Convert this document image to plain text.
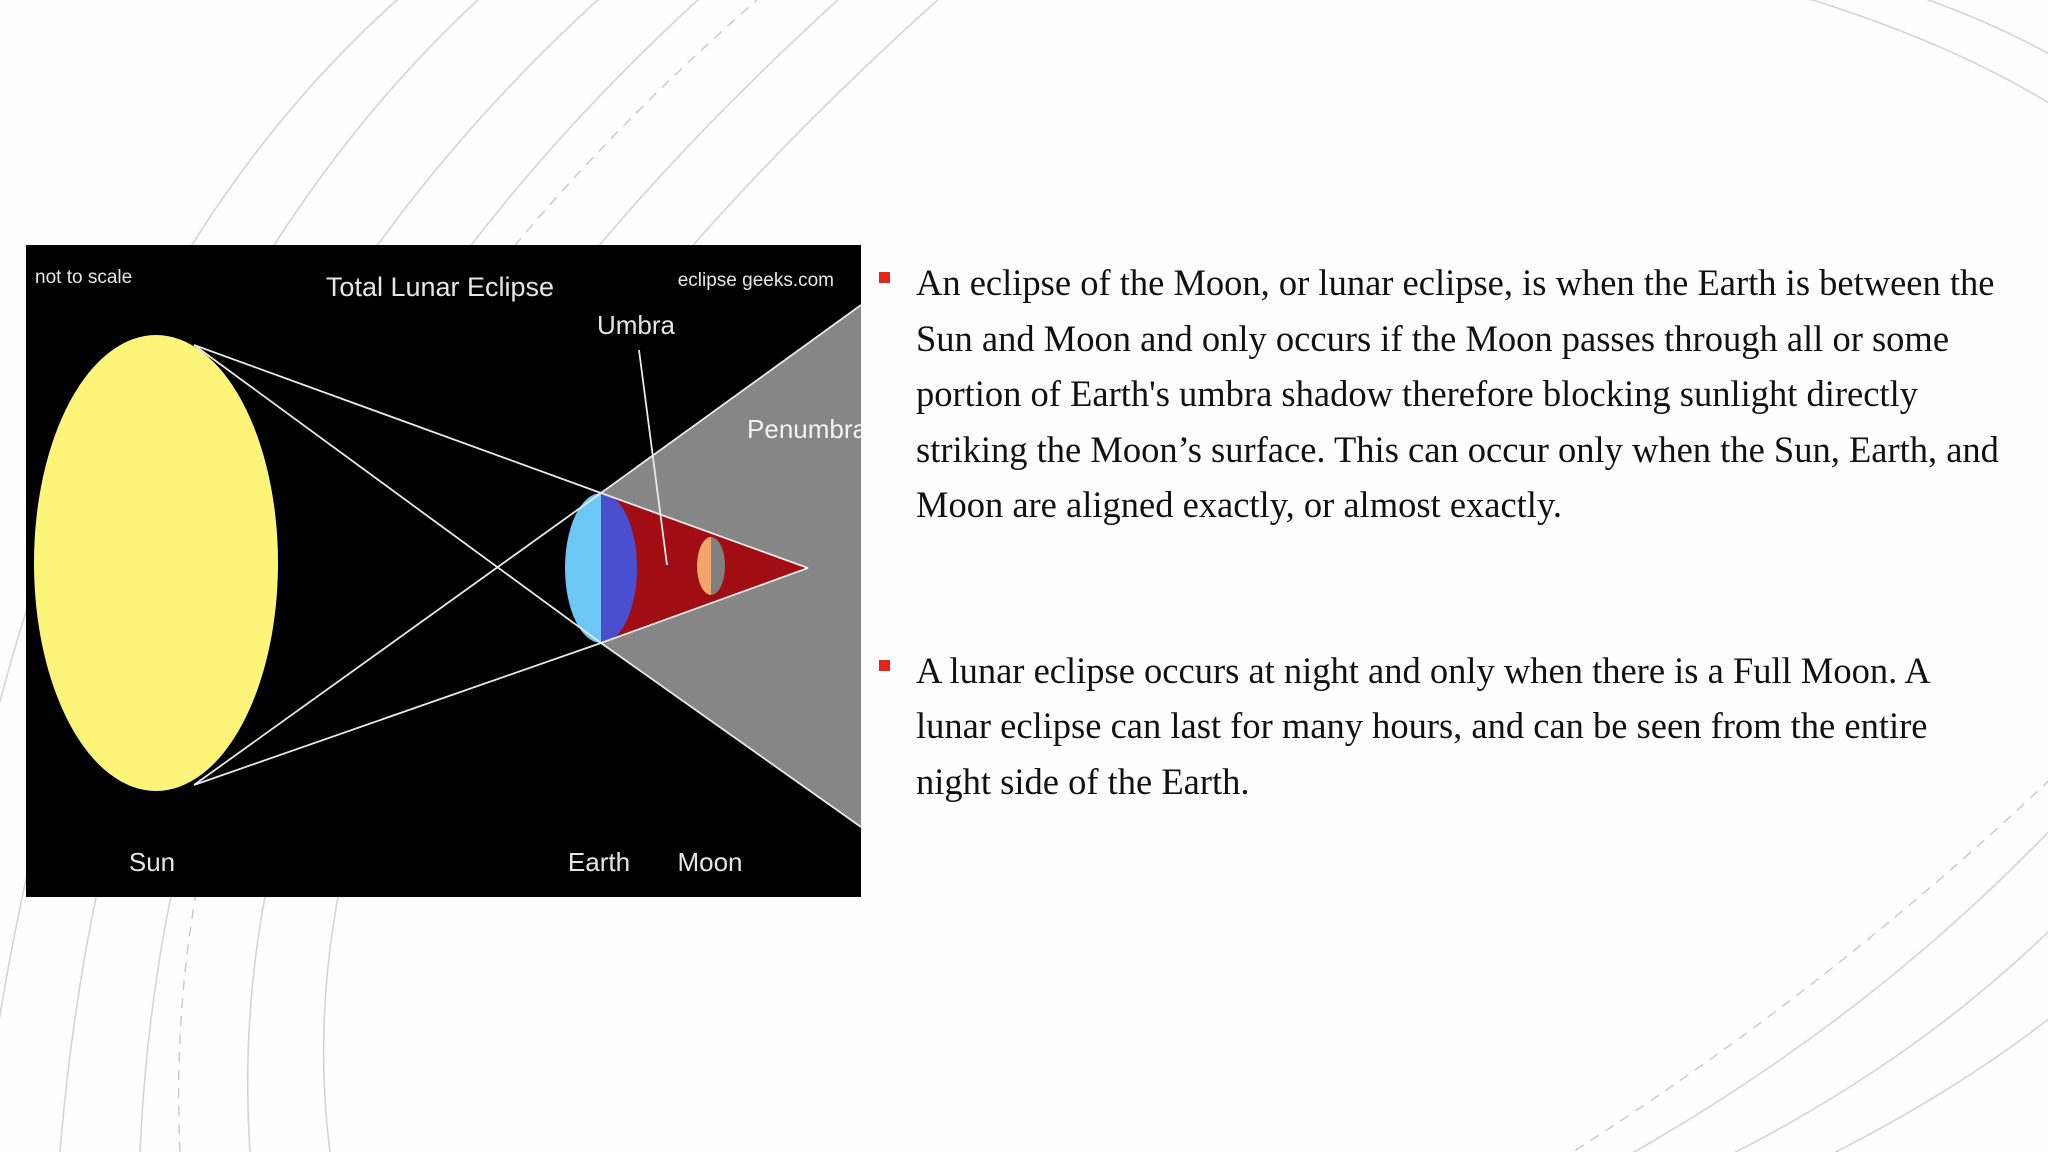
not to scale	Total Lunar Eclipse	eclipse geeks.com
Umbra
Penumbra
Sun	Earth Moon
An eclipse of the Moon, or lunar eclipse, is when the Earth is between the Sun and Moon and only occurs if the Moon passes through all or some portion of Earth's umbra shadow therefore blocking sunlight directly striking the Moon’s surface. This can occur only when the Sun, Earth, and Moon are aligned exactly, or almost exactly.
A lunar eclipse occurs at night and only when there is a Full Moon. A lunar eclipse can last for many hours, and can be seen from the entire night side of the Earth.
